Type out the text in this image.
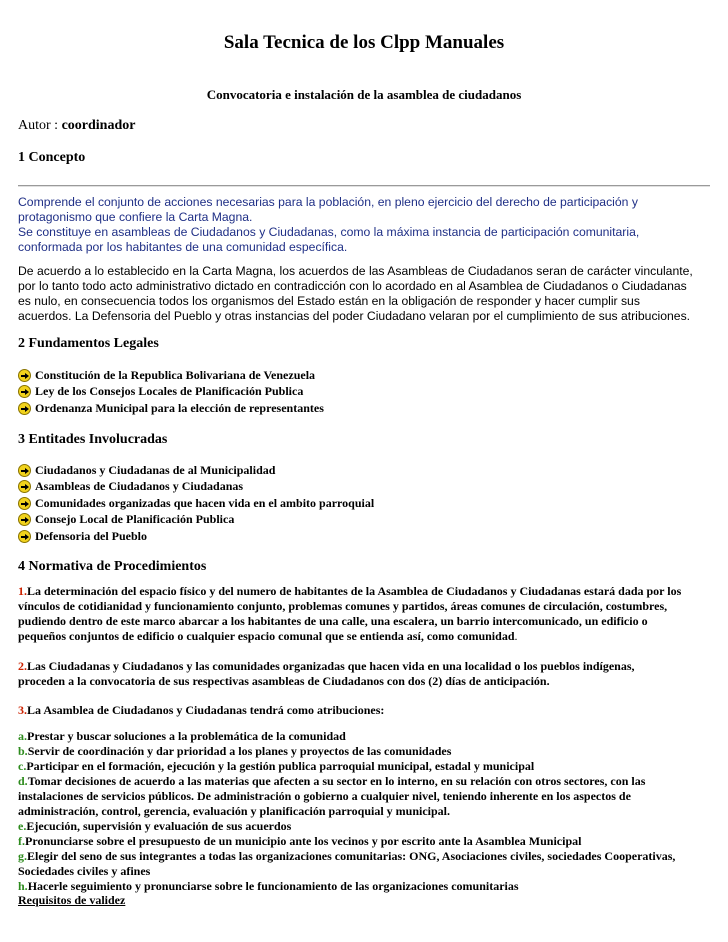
Sala Tecnica de los Clpp Manuales
Convocatoria e instalación de la asamblea de ciudadanos
Autor : coordinador
1 Concepto
Comprende el conjunto de acciones necesarias para la población, en pleno ejercicio del derecho de participación y
protagonismo que confiere la Carta Magna.
Se constituye en asambleas de Ciudadanos y Ciudadanas, como la máxima instancia de participación comunitaria,
conformada por los habitantes de una comunidad específica.
De acuerdo a lo establecido en la Carta Magna, los acuerdos de las Asambleas de Ciudadanos seran de carácter vinculante,
por lo tanto todo acto administrativo dictado en contradicción con lo acordado en al Asamblea de Ciudadanos o Ciudadanas
es nulo, en consecuencia todos los organismos del Estado están en la obligación de responder y hacer cumplir sus
acuerdos. La Defensoria del Pueblo y otras instancias del poder Ciudadano velaran por el cumplimiento de sus atribuciones.
2 Fundamentos Legales
Constitución de la Republica Bolivariana de Venezuela
Ley de los Consejos Locales de Planificación Publica
Ordenanza Municipal para la elección de representantes
3 Entitades Involucradas
Ciudadanos y Ciudadanas de al Municipalidad
Asambleas de Ciudadanos y Ciudadanas
Comunidades organizadas que hacen vida en el ambito parroquial
Consejo Local de Planificación Publica
Defensoria del Pueblo
4 Normativa de Procedimientos
1.La determinación del espacio físico y del numero de habitantes de la Asamblea de Ciudadanos y Ciudadanas estará dada por los
vínculos de cotidianidad y funcionamiento conjunto, problemas comunes y partidos, áreas comunes de circulación, costumbres,
pudiendo dentro de este marco abarcar a los habitantes de una calle, una escalera, un barrio intercomunicado, un edificio o
pequeños conjuntos de edificio o cualquier espacio comunal que se entienda así, como comunidad.
2.Las Ciudadanas y Ciudadanos y las comunidades organizadas que hacen vida en una localidad o los pueblos indígenas,
proceden a la convocatoria de sus respectivas asambleas de Ciudadanos con dos (2) días de anticipación.
3.La Asamblea de Ciudadanos y Ciudadanas tendrá como atribuciones:
a.Prestar y buscar soluciones a la problemática de la comunidad
b.Servir de coordinación y dar prioridad a los planes y proyectos de las comunidades
c.Participar en el formación, ejecución y la gestión publica parroquial municipal, estadal y municipal
d.Tomar decisiones de acuerdo a las materias que afecten a su sector en lo interno, en su relación con otros sectores, con las
instalaciones de servicios públicos. De administración o gobierno a cualquier nivel, teniendo inherente en los aspectos de
administración, control, gerencia, evaluación y planificación parroquial y municipal.
e.Ejecución, supervisión y evaluación de sus acuerdos
f.Pronunciarse sobre el presupuesto de un municipio ante los vecinos y por escrito ante la Asamblea Municipal
g.Elegir del seno de sus integrantes a todas las organizaciones comunitarias: ONG, Asociaciones civiles, sociedades Cooperativas,
Sociedades civiles y afines
h.Hacerle seguimiento y pronunciarse sobre le funcionamiento de las organizaciones comunitarias
Requisitos de validez
